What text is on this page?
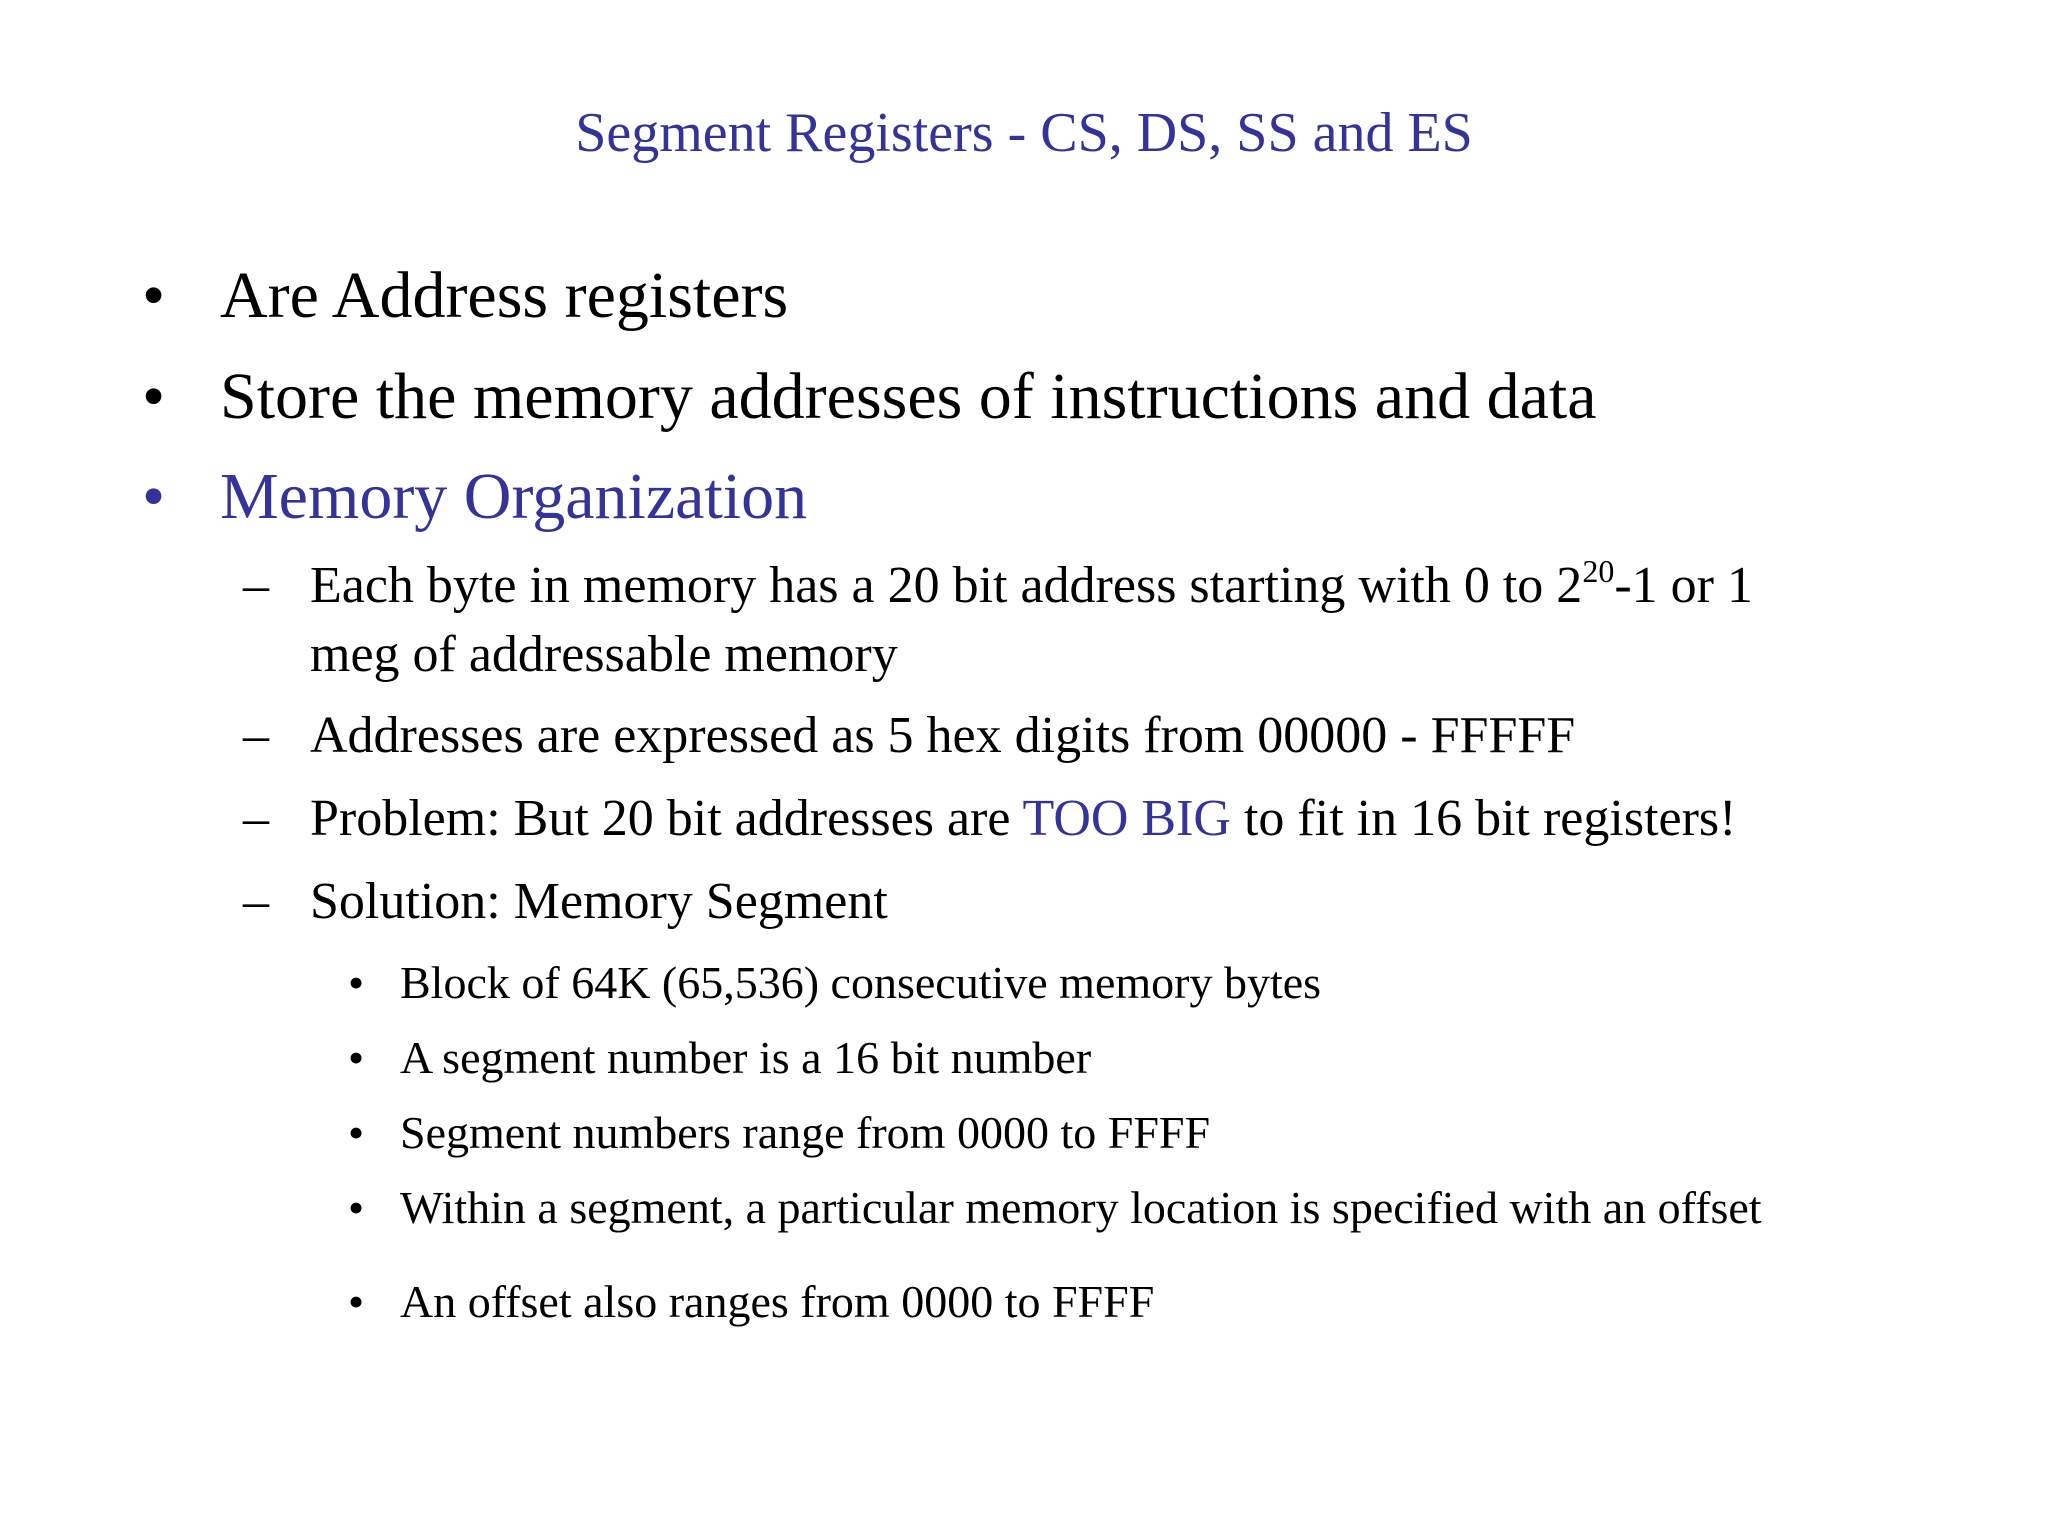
Segment Registers - CS, DS, SS and ES
• Are Address registers
• Store the memory addresses of instructions and data
• Memory Organization
– Each byte in memory has a 20 bit address starting with 0 to $2^{20}-1$ or 1
meg of addressable memory
– Addresses are expressed as 5 hex digits from 00000 - FFFFF
– Problem: But 20 bit addresses are TOO BIG to fit in 16 bit registers!
– Solution: Memory Segment
• Block of 64K (65,536) consecutive memory bytes
• A segment number is a 16 bit number
• Segment numbers range from 0000 to FFFF
• Within a segment, a particular memory location is specified with an offset
• An offset also ranges from 0000 to FFFF
